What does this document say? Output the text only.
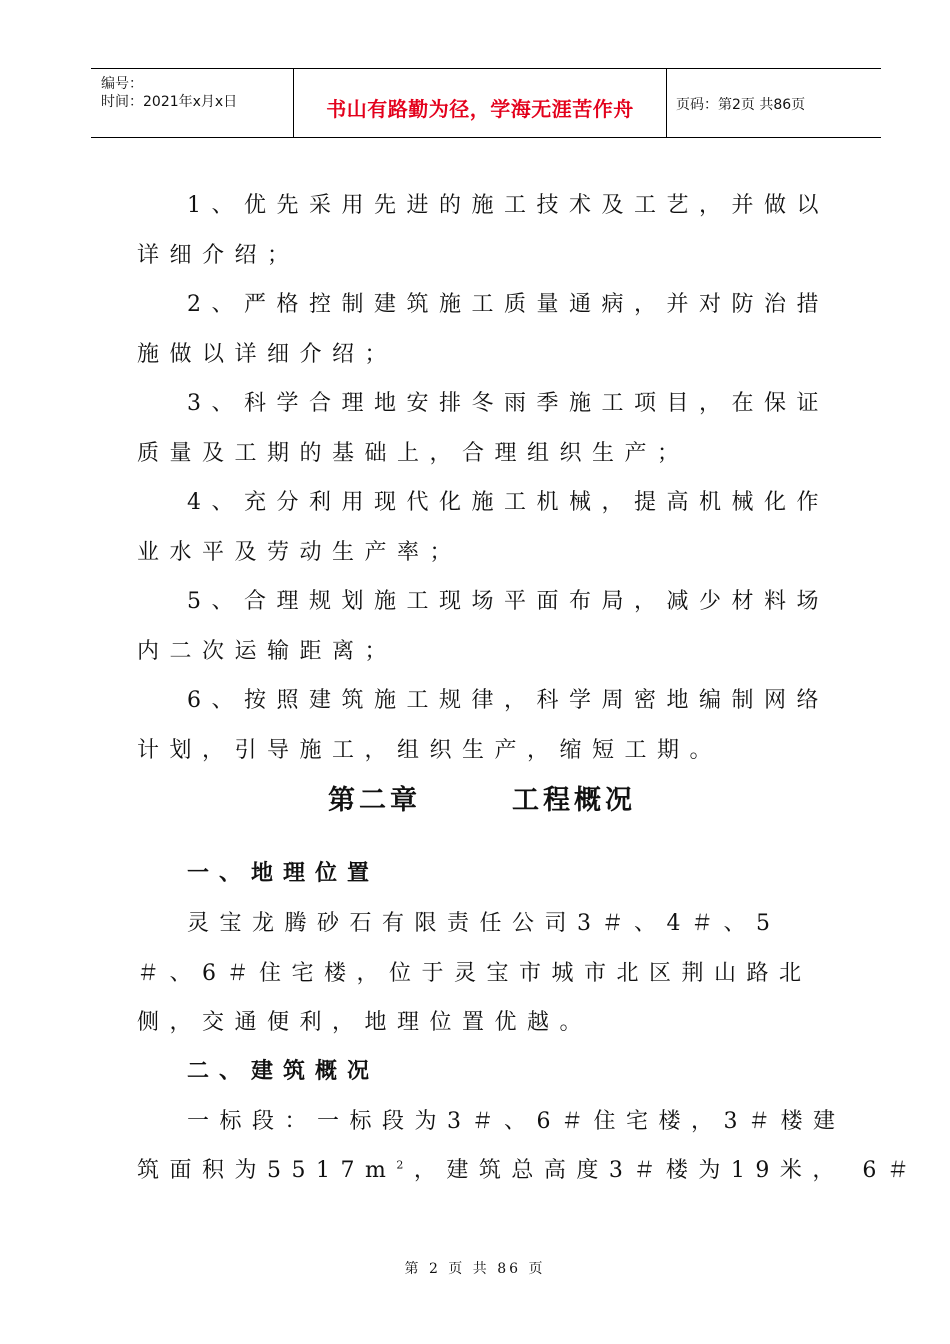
编号：
时间：2021年x月x日	书山有路勤为径，学海无涯苦作舟	页码：第2页 共86页
1、优先采用先进的施工技术及工艺，并做以
详细介绍；
2、严格控制建筑施工质量通病，并对防治措
施做以详细介绍；
3、科学合理地安排冬雨季施工项目，在保证
质量及工期的基础上，合理组织生产；
4、充分利用现代化施工机械，提高机械化作
业水平及劳动生产率；
5、合理规划施工现场平面布局，减少材料场
内二次运输距离；
6、按照建筑施工规律，科学周密地编制网络
计划，引导施工，组织生产，缩短工期。
第二章	工程概况
一、地理位置
灵宝龙腾砂石有限责任公司3＃、4＃、5
＃、6＃住宅楼，位于灵宝市城市北区荆山路北
侧，交通便利，地理位置优越。
二、建筑概况
一标段：一标段为3＃、6＃住宅楼，3＃楼建
筑面积为$5517m^2$，建筑总高度3＃楼为19米， 6＃
第 2 页 共 86 页
